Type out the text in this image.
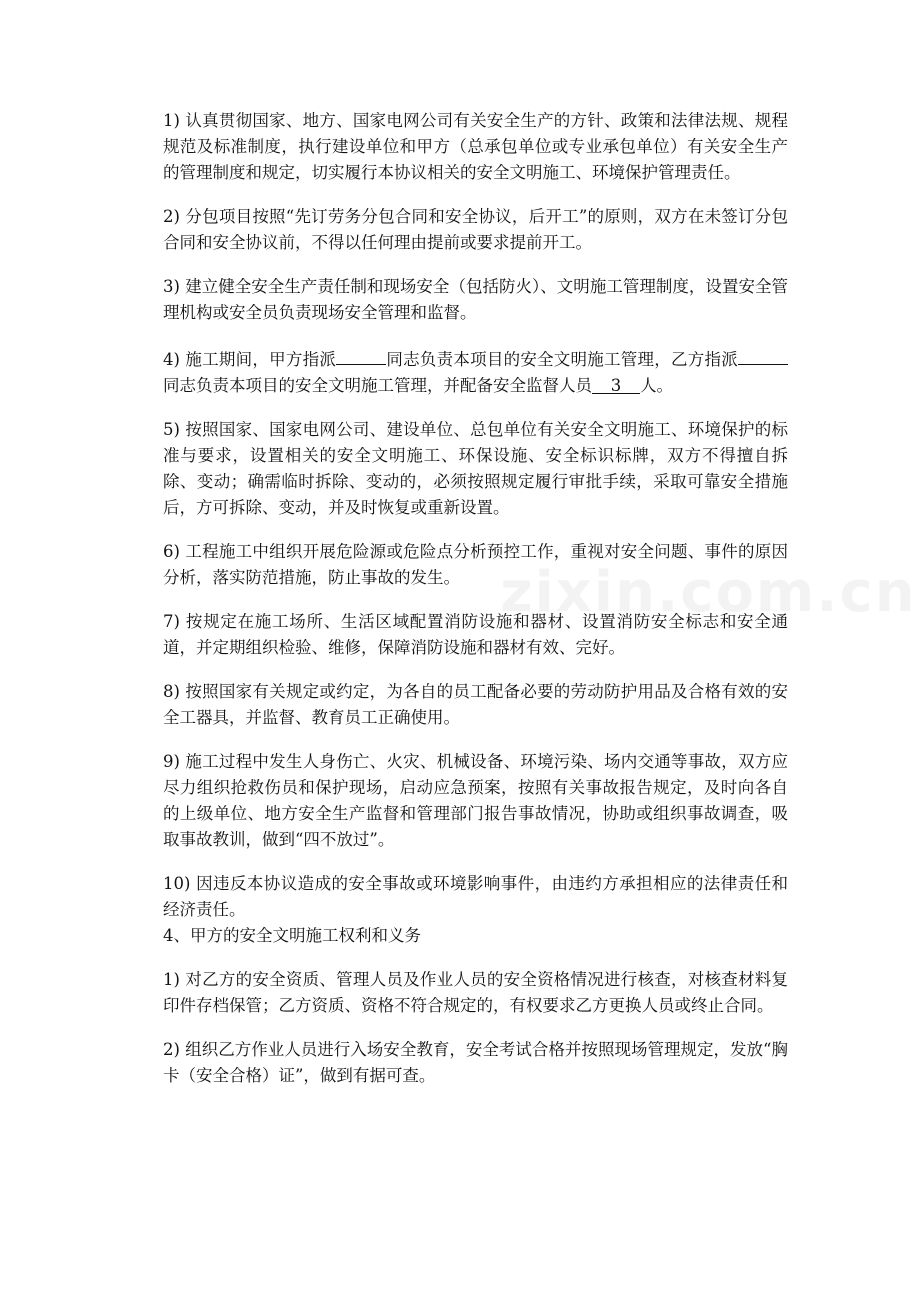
1) 认真贯彻国家、地方、国家电网公司有关安全生产的方针、政策和法律法规、规程规范及标准制度，执行建设单位和甲方（总承包单位或专业承包单位）有关安全生产的管理制度和规定，切实履行本协议相关的安全文明施工、环境保护管理责任。

2) 分包项目按照“先订劳务分包合同和安全协议，后开工”的原则，双方在未签订分包合同和安全协议前，不得以任何理由提前或要求提前开工。

3) 建立健全安全生产责任制和现场安全（包括防火）、文明施工管理制度，设置安全管理机构或安全员负责现场安全管理和监督。

4) 施工期间，甲方指派	同志负责本项目的安全文明施工管理，乙方指派同志负责本项目的安全文明施工管理，并配备安全监督人员 3 人。

5) 按照国家、国家电网公司、建设单位、总包单位有关安全文明施工、环境保护的标准与要求，设置相关的安全文明施工、环保设施、安全标识标牌，双方不得擅自拆除、变动；确需临时拆除、变动的，必须按照规定履行审批手续，采取可靠安全措施后，方可拆除、变动，并及时恢复或重新设置。

6) 工程施工中组织开展危险源或危险点分析预控工作，重视对安全问题、事件的原因分析，落实防范措施，防止事故的发生。

7) 按规定在施工场所、生活区域配置消防设施和器材、设置消防安全标志和安全通道，并定期组织检验、维修，保障消防设施和器材有效、完好。

8) 按照国家有关规定或约定，为各自的员工配备必要的劳动防护用品及合格有效的安全工器具，并监督、教育员工正确使用。

9) 施工过程中发生人身伤亡、火灾、机械设备、环境污染、场内交通等事故，双方应尽力组织抢救伤员和保护现场，启动应急预案，按照有关事故报告规定，及时向各自的上级单位、地方安全生产监督和管理部门报告事故情况，协助或组织事故调查，吸取事故教训，做到“四不放过”。

10) 因违反本协议造成的安全事故或环境影响事件，由违约方承担相应的法律责任和经济责任。

4、甲方的安全文明施工权利和义务

1) 对乙方的安全资质、管理人员及作业人员的安全资格情况进行核查，对核查材料复印件存档保管；乙方资质、资格不符合规定的，有权要求乙方更换人员或终止合同。

2) 组织乙方作业人员进行入场安全教育，安全考试合格并按照现场管理规定，发放“胸卡（安全合格）证”，做到有据可查。
